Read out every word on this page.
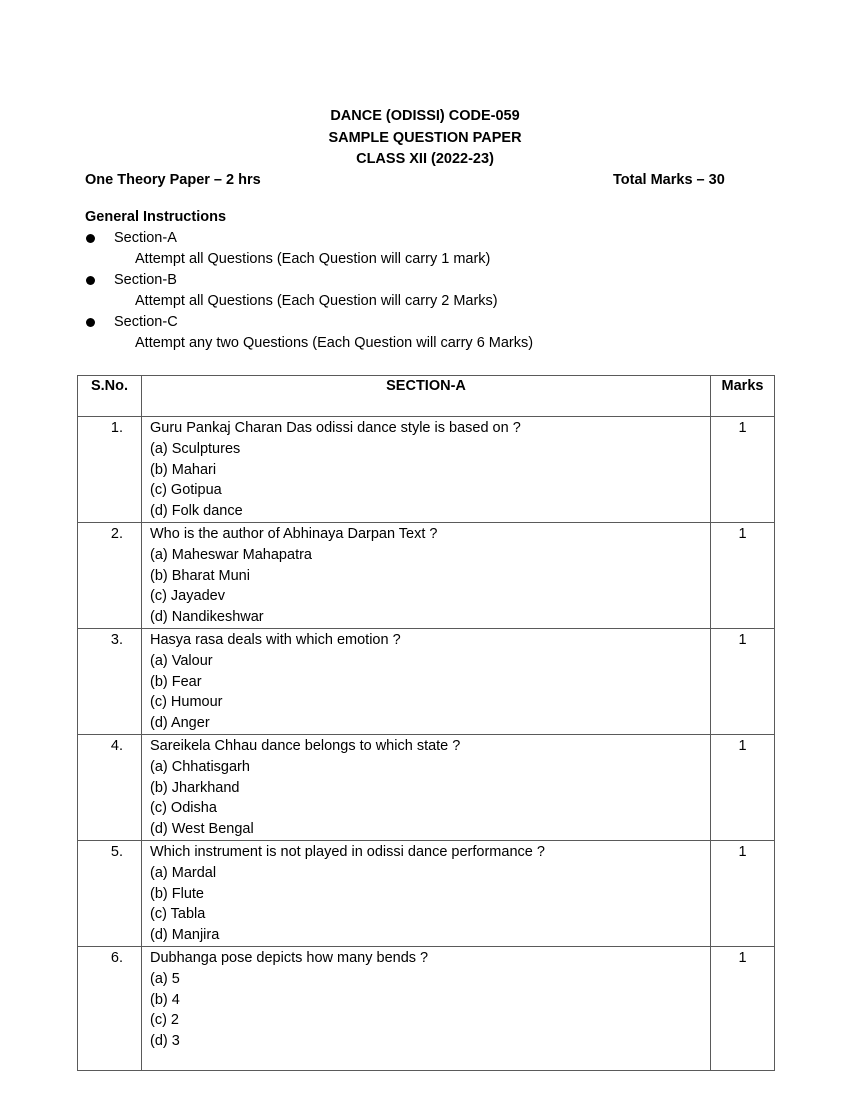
DANCE (ODISSI) CODE-059
SAMPLE QUESTION PAPER
CLASS XII (2022-23)
One Theory Paper – 2 hrs	Total Marks – 30
General Instructions
Section-A
Attempt all Questions (Each Question will carry 1 mark)
Section-B
Attempt all Questions (Each Question will carry 2 Marks)
Section-C
Attempt any two Questions (Each Question will carry 6 Marks)
S.No.	SECTION-A	Marks
1.	Guru Pankaj Charan Das odissi dance style is based on ?
(a) Sculptures
(b) Mahari
(c) Gotipua
(d) Folk dance	1
2.	Who is the author of Abhinaya Darpan Text ?
(a) Maheswar Mahapatra
(b) Bharat Muni
(c) Jayadev
(d) Nandikeshwar	1
3.	Hasya rasa deals with which emotion ?
(a) Valour
(b) Fear
(c) Humour
(d) Anger	1
4.	Sareikela Chhau dance belongs to which state ?
(a) Chhatisgarh
(b) Jharkhand
(c) Odisha
(d) West Bengal	1
5.	Which instrument is not played in odissi dance performance ?
(a) Mardal
(b) Flute
(c) Tabla
(d) Manjira	1
6.	Dubhanga pose depicts how many bends ?
(a) 5
(b) 4
(c) 2
(d) 3	1
